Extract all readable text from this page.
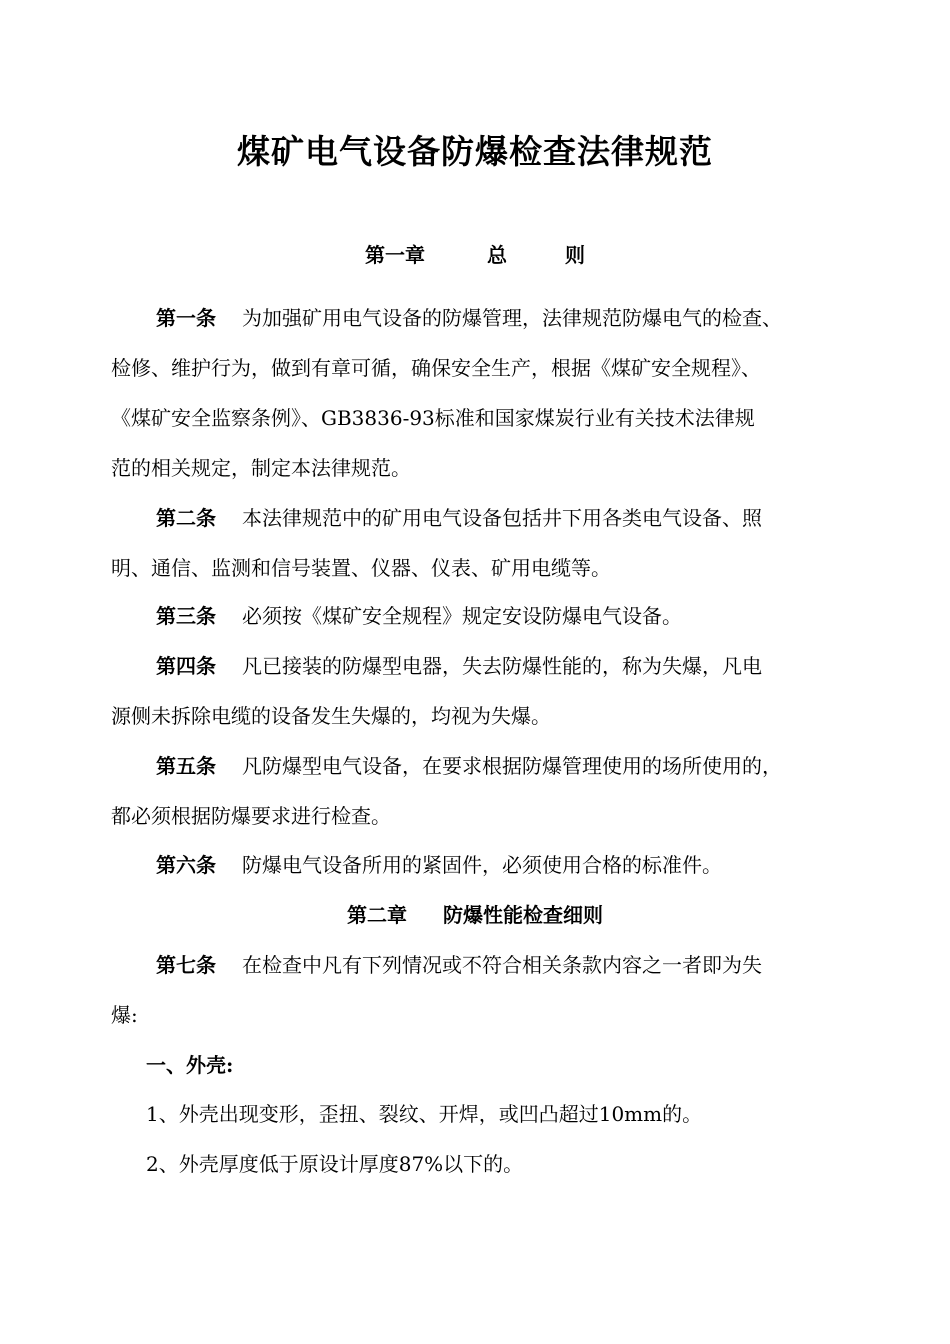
煤矿电气设备防爆检查法律规范
第一章	总	则
第一条 为加强矿用电气设备的防爆管理，法律规范防爆电气的检查、
检修、维护行为，做到有章可循，确保安全生产，根据《煤矿安全规程》、
《煤矿安全监察条例》、GB3836-93标准和国家煤炭行业有关技术法律规
范的相关规定，制定本法律规范。
第二条 本法律规范中的矿用电气设备包括井下用各类电气设备、照
明、通信、监测和信号装置、仪器、仪表、矿用电缆等。
第三条 必须按《煤矿安全规程》规定安设防爆电气设备。
第四条 凡已接装的防爆型电器，失去防爆性能的，称为失爆，凡电
源侧未拆除电缆的设备发生失爆的，均视为失爆。
第五条 凡防爆型电气设备，在要求根据防爆管理使用的场所使用的，
都必须根据防爆要求进行检查。
第六条 防爆电气设备所用的紧固件，必须使用合格的标准件。
第二章 防爆性能检查细则
第七条 在检查中凡有下列情况或不符合相关条款内容之一者即为失
爆:
一、外壳:
1、外壳出现变形，歪扭、裂纹、开焊，或凹凸超过10mm的。
2、外壳厚度低于原设计厚度87%以下的。
